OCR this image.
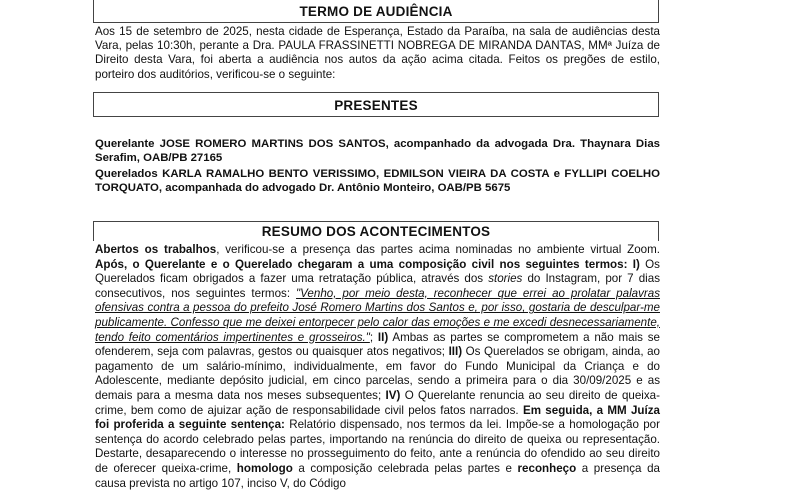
TERMO DE AUDIÊNCIA

Aos 15 de setembro de 2025, nesta cidade de Esperança, Estado da Paraíba, na sala de audiências desta Vara, pelas 10:30h, perante a Dra. PAULA FRASSINETTI NOBREGA DE MIRANDA DANTAS, MMª Juíza de Direito desta Vara, foi aberta a audiência nos autos da ação acima citada. Feitos os pregões de estilo, porteiro dos auditórios, verificou-se o seguinte:

PRESENTES

Querelante JOSE ROMERO MARTINS DOS SANTOS, acompanhado da advogada Dra. Thaynara Dias Serafim, OAB/PB 27165

Querelados KARLA RAMALHO BENTO VERISSIMO, EDMILSON VIEIRA DA COSTA e FYLLIPI COELHO TORQUATO, acompanhada do advogado Dr. Antônio Monteiro, OAB/PB 5675

RESUMO DOS ACONTECIMENTOS

Abertos os trabalhos, verificou-se a presença das partes acima nominadas no ambiente virtual Zoom. Após, o Querelante e o Querelado chegaram a uma composição civil nos seguintes termos: I) Os Querelados ficam obrigados a fazer uma retratação pública, através dos stories do Instagram, por 7 dias consecutivos, nos seguintes termos: "Venho, por meio desta, reconhecer que errei ao prolatar palavras ofensivas contra a pessoa do prefeito José Romero Martins dos Santos e, por isso, gostaria de desculpar-me publicamente. Confesso que me deixei entorpecer pelo calor das emoções e me excedi desnecessariamente, tendo feito comentários impertinentes e grosseiros."; II) Ambas as partes se comprometem a não mais se ofenderem, seja com palavras, gestos ou quaisquer atos negativos; III) Os Querelados se obrigam, ainda, ao pagamento de um salário-mínimo, individualmente, em favor do Fundo Municipal da Criança e do Adolescente, mediante depósito judicial, em cinco parcelas, sendo a primeira para o dia 30/09/2025 e as demais para a mesma data nos meses subsequentes; IV) O Querelante renuncia ao seu direito de queixa-crime, bem como de ajuizar ação de responsabilidade civil pelos fatos narrados. Em seguida, a MM Juíza foi proferida a seguinte sentença: Relatório dispensado, nos termos da lei. Impõe-se a homologação por sentença do acordo celebrado pelas partes, importando na renúncia do direito de queixa ou representação. Destarte, desaparecendo o interesse no prosseguimento do feito, ante a renúncia do ofendido ao seu direito de oferecer queixa-crime, homologo a composição celebrada pelas partes e reconheço a presença da causa prevista no artigo 107, inciso V, do Código
